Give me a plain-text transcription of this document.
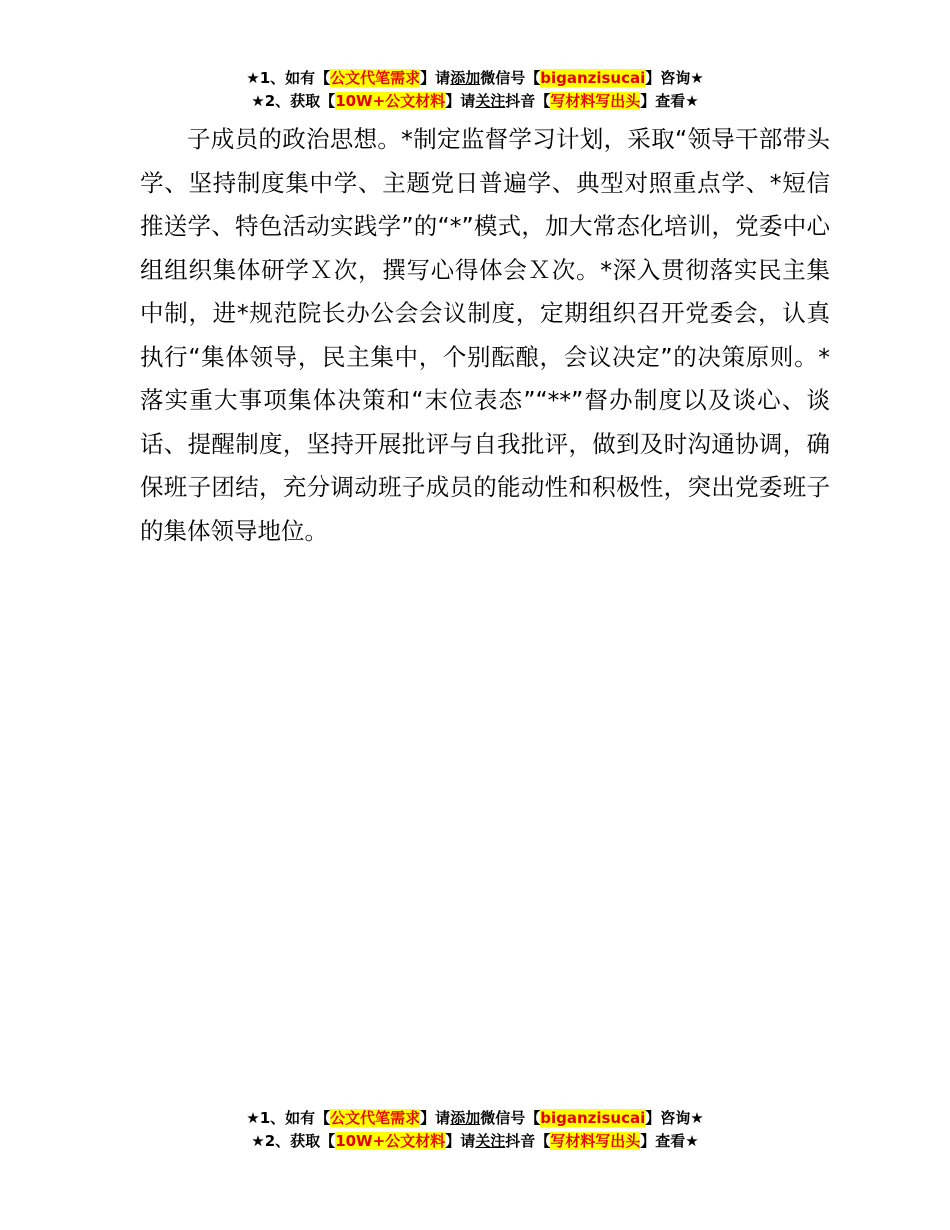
★1、如有【公文代笔需求】请添加微信号【biganzisucai】咨询★
★2、获取【10W+公文材料】请关注抖音【写材料写出头】查看★

子成员的政治思想。*制定监督学习计划，采取“领导干部带头学、坚持制度集中学、主题党日普遍学、典型对照重点学、*短信推送学、特色活动实践学”的“*”模式，加大常态化培训，党委中心组组织集体研学Ｘ次，撰写心得体会Ｘ次。*深入贯彻落实民主集中制，进*规范院长办公会会议制度，定期组织召开党委会，认真执行“集体领导，民主集中，个别酝酿，会议决定”的决策原则。*落实重大事项集体决策和“末位表态”“**”督办制度以及谈心、谈话、提醒制度，坚持开展批评与自我批评，做到及时沟通协调，确保班子团结，充分调动班子成员的能动性和积极性，突出党委班子的集体领导地位。

★1、如有【公文代笔需求】请添加微信号【biganzisucai】咨询★
★2、获取【10W+公文材料】请关注抖音【写材料写出头】查看★
